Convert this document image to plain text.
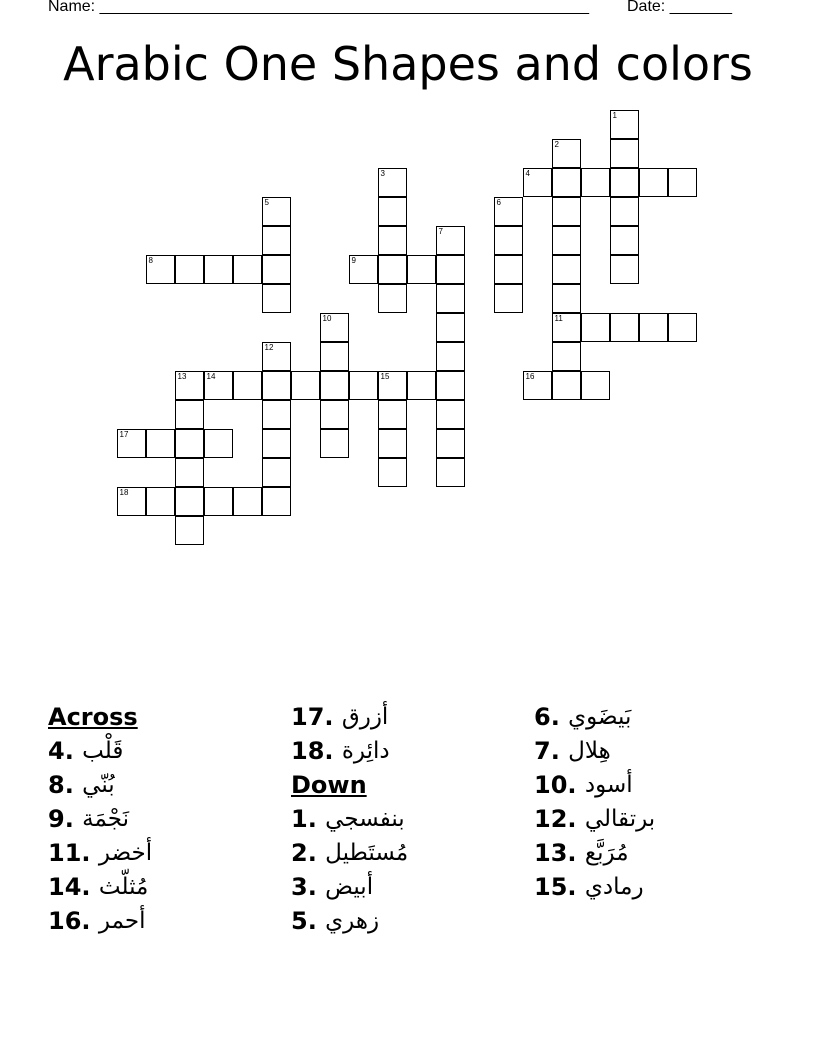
Name: _______________________________________________________ Date: _______
Arabic One Shapes and colors
1
2
11
3	4
5	6
7
8	9
10
12
13	14	15	16
17
18
Across
4. قَلْب
8. بُنّي
9. نَجْمَة
11. أخضر
14. مُثلّث
16. أحمر
17. أزرق
18. دائِرة
Down
1. بنفسجي
2. مُستَطيل
3. أبيض
5. زهري
6. بَيضَوي
7. هِلال
10. أسود
12. برتقالي
13. مُرَبَّع
15. رمادي
